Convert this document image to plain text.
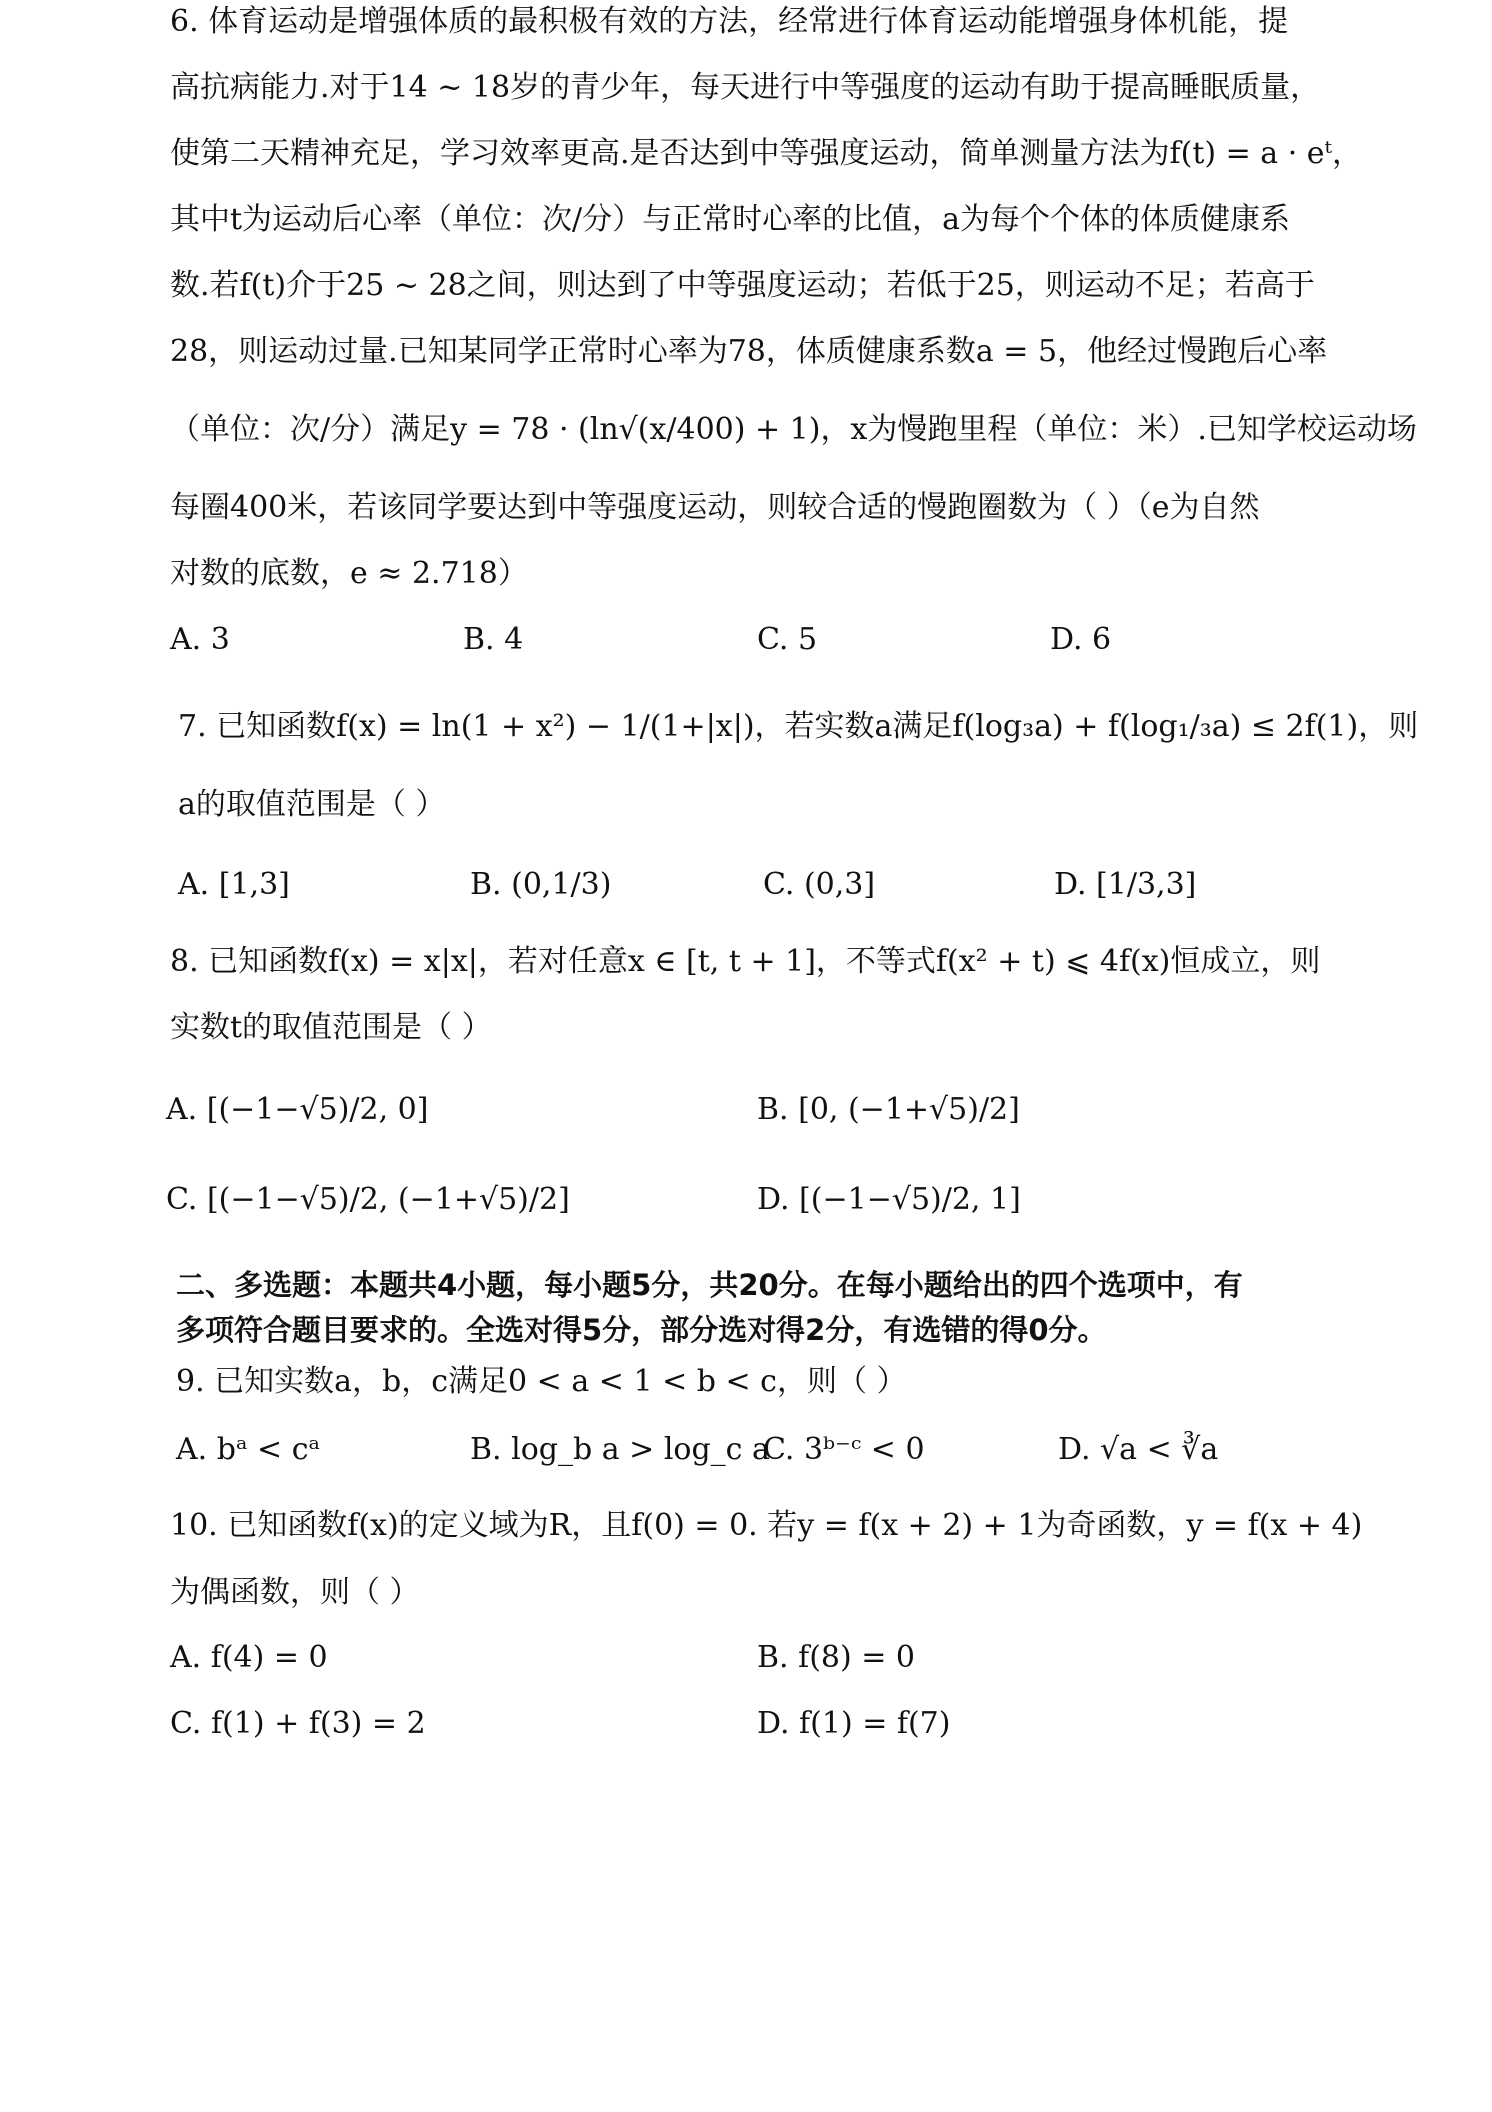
6. 体育运动是增强体质的最积极有效的方法，经常进行体育运动能增强身体机能，提
高抗病能力.对于14 ~ 18岁的青少年，每天进行中等强度的运动有助于提高睡眠质量，
使第二天精神充足，学习效率更高.是否达到中等强度运动，简单测量方法为f(t) = a · eᵗ，
其中t为运动后心率（单位：次/分）与正常时心率的比值，a为每个个体的体质健康系
数.若f(t)介于25 ~ 28之间，则达到了中等强度运动；若低于25，则运动不足；若高于
28，则运动过量.已知某同学正常时心率为78，体质健康系数a = 5，他经过慢跑后心率
（单位：次/分）满足y = 78 · (ln√(x/400) + 1)，x为慢跑里程（单位：米）.已知学校运动场
每圈400米，若该同学要达到中等强度运动，则较合适的慢跑圈数为（ ）（e为自然
对数的底数，e ≈ 2.718）
A. 3	B. 4	C. 5	D. 6
7. 已知函数f(x) = ln(1 + x²) − 1/(1+|x|)，若实数a满足f(log₃a) + f(log₁/₃a) ≤ 2f(1)，则
a的取值范围是（ ）
A. [1,3]	B. (0,1/3)	C. (0,3]	D. [1/3,3]
8. 已知函数f(x) = x|x|，若对任意x ∈ [t, t + 1]，不等式f(x² + t) ⩽ 4f(x)恒成立，则
实数t的取值范围是（ ）
A. [(−1−√5)/2, 0]	B. [0, (−1+√5)/2]
C. [(−1−√5)/2, (−1+√5)/2]	D. [(−1−√5)/2, 1]
二、多选题：本题共4小题，每小题5分，共20分。在每小题给出的四个选项中，有
多项符合题目要求的。全选对得5分，部分选对得2分，有选错的得0分。
9. 已知实数a，b，c满足0 < a < 1 < b < c，则（ ）
A. bᵃ < cᵃ	B. log_b a > log_c a
C. 3ᵇ⁻ᶜ < 0	D. √a < ∛a
10. 已知函数f(x)的定义域为R，且f(0) = 0. 若y = f(x + 2) + 1为奇函数，y = f(x + 4)
为偶函数，则（ ）
A. f(4) = 0	B. f(8) = 0
C. f(1) + f(3) = 2	D. f(1) = f(7)
